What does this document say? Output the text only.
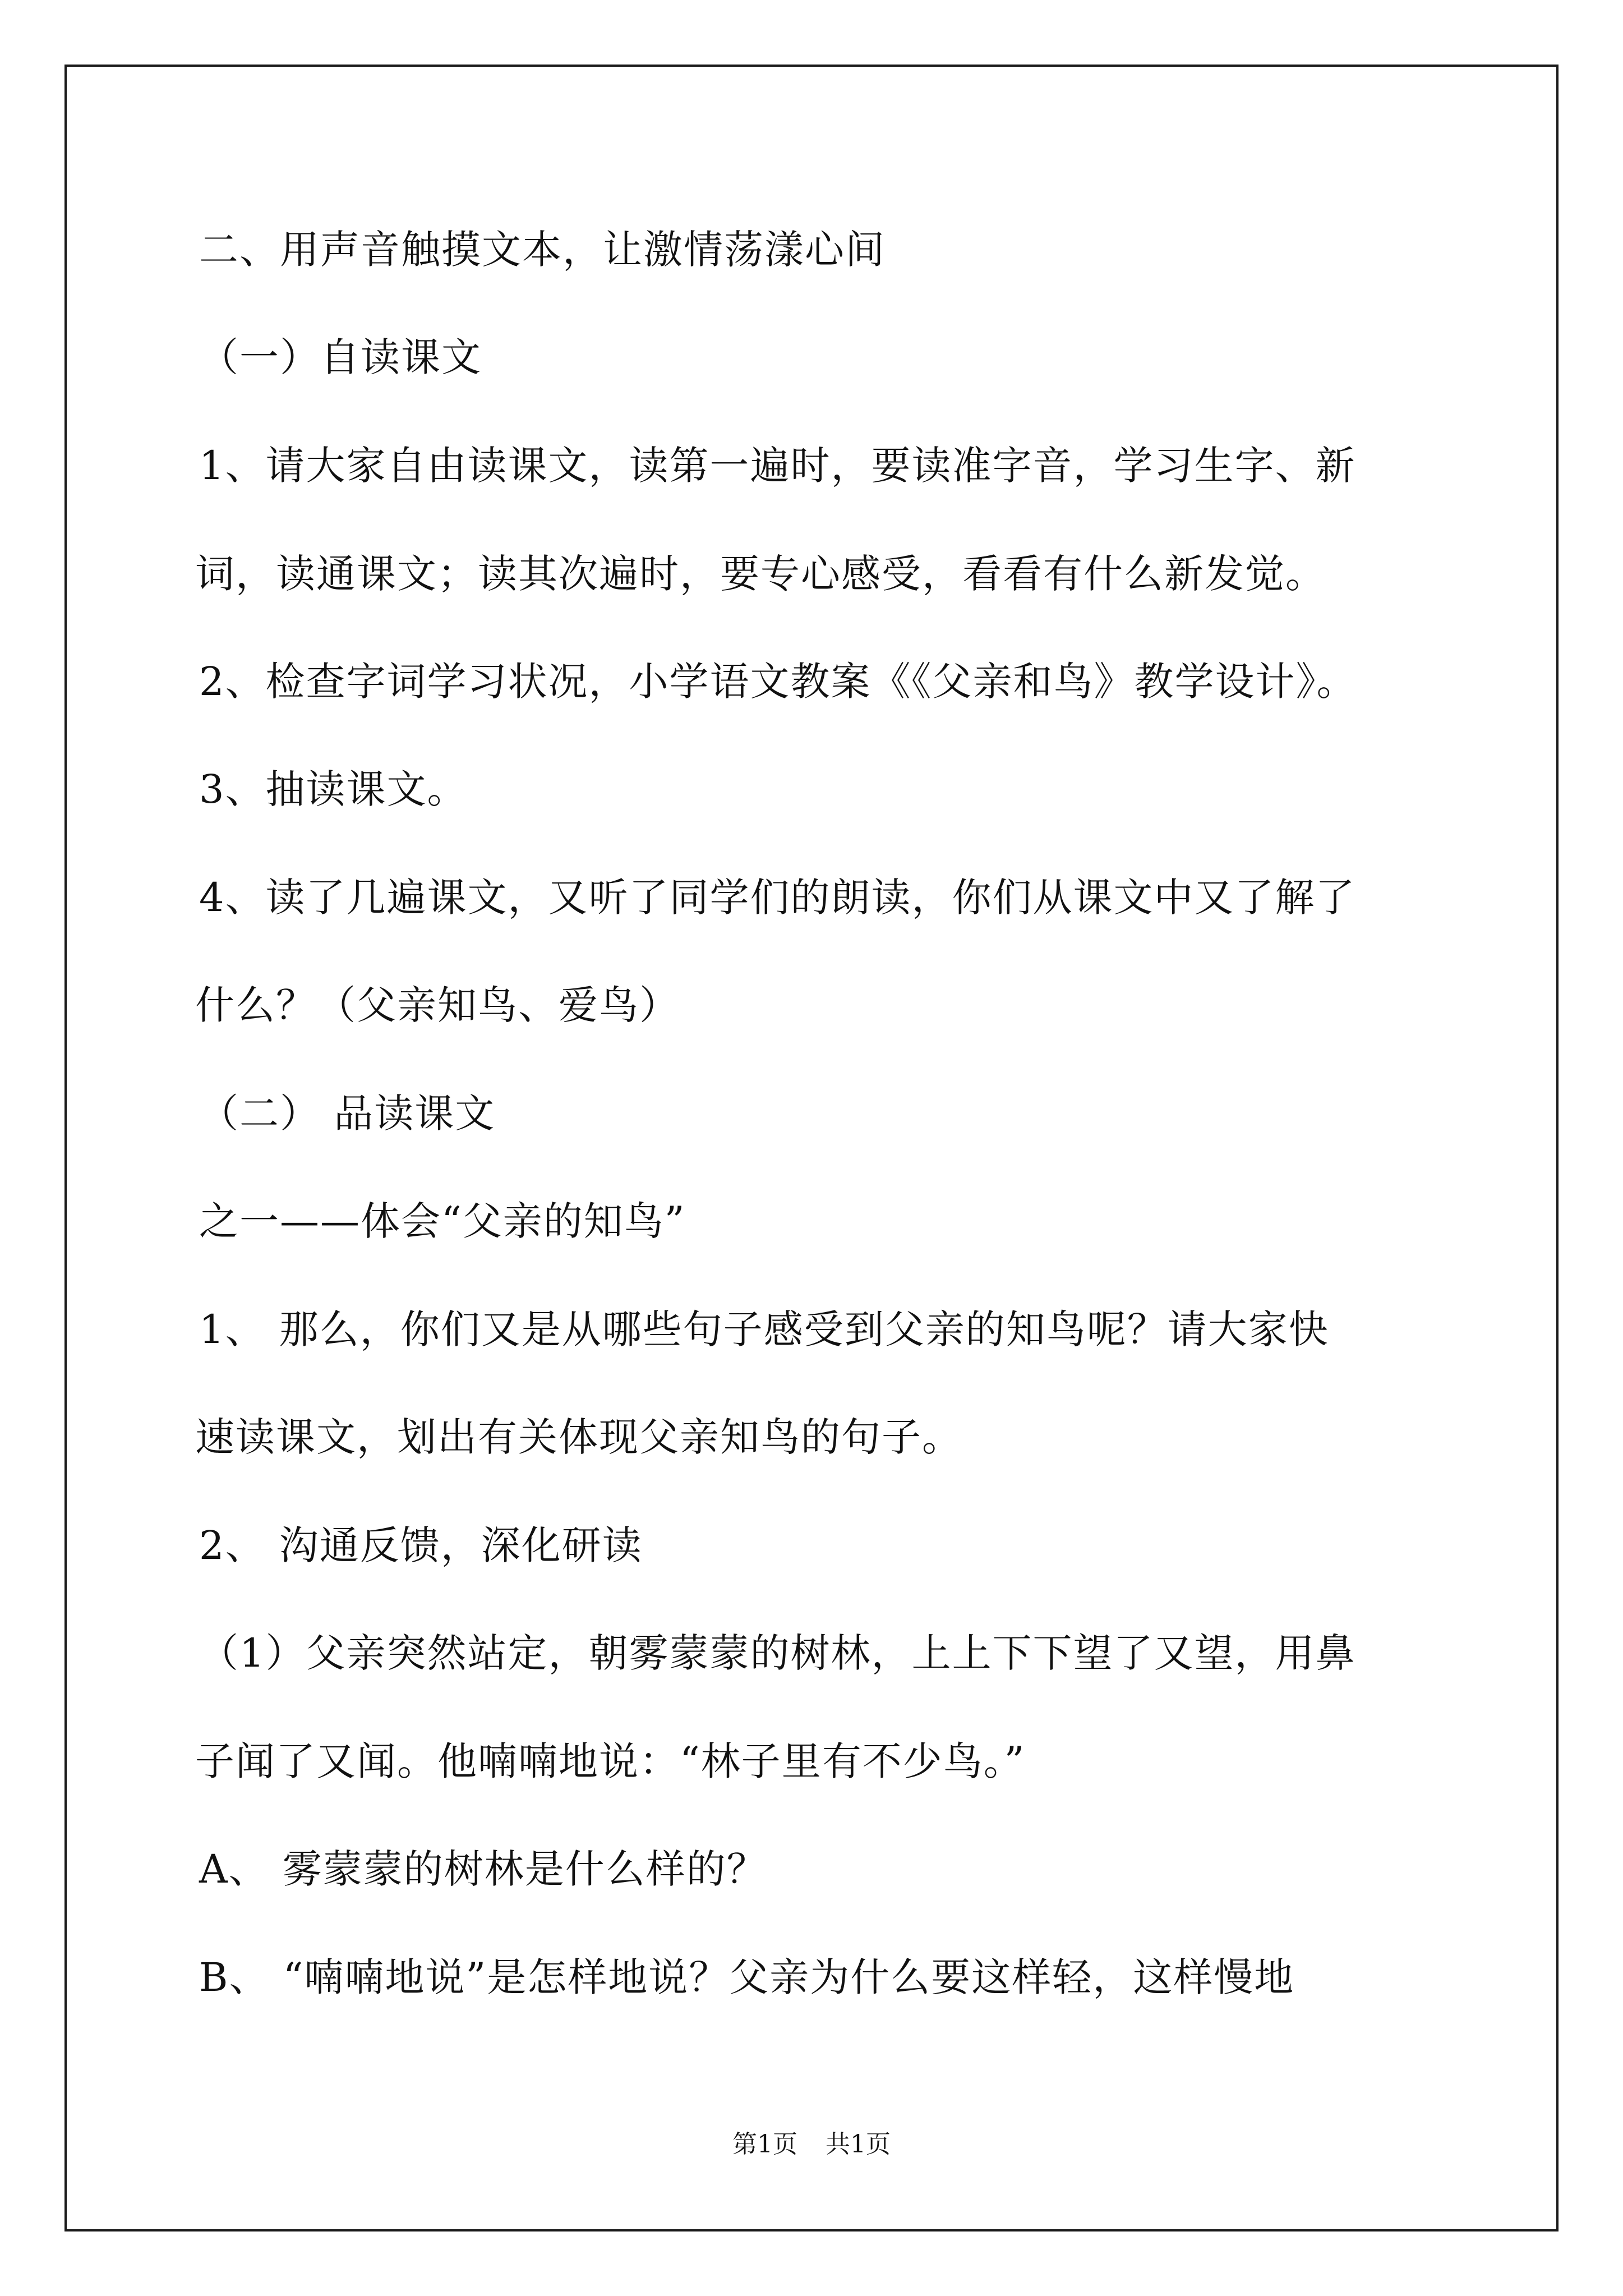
二、用声音触摸文本，让激情荡漾心间
（一）自读课文
1、请大家自由读课文，读第一遍时，要读准字音，学习生字、新
词，读通课文；读其次遍时，要专心感受，看看有什么新发觉。
2、检查字词学习状况，小学语文教案《《父亲和鸟》教学设计》。
3、抽读课文。
4、读了几遍课文，又听了同学们的朗读，你们从课文中又了解了
什么？（父亲知鸟、爱鸟）
（二） 品读课文
之一——体会“父亲的知鸟”
1、 那么，你们又是从哪些句子感受到父亲的知鸟呢？请大家快
速读课文，划出有关体现父亲知鸟的句子。
2、 沟通反馈，深化研读
（1）父亲突然站定，朝雾蒙蒙的树林，上上下下望了又望，用鼻
子闻了又闻。他喃喃地说：“林子里有不少鸟。”
A、 雾蒙蒙的树林是什么样的？
B、 “喃喃地说”是怎样地说？父亲为什么要这样轻，这样慢地
第1页 共1页
